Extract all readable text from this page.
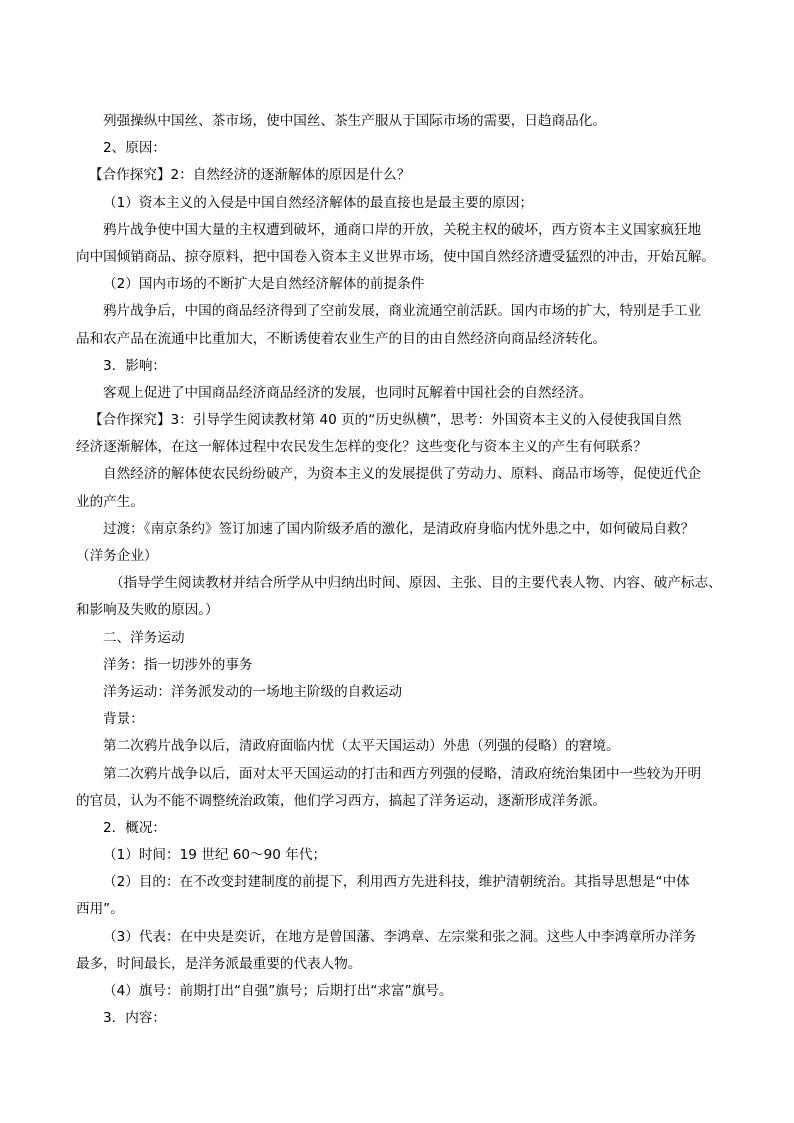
列强操纵中国丝、茶市场，使中国丝、茶生产服从于国际市场的需要，日趋商品化。
2、原因：
【合作探究】2：自然经济的逐渐解体的原因是什么？
（1）资本主义的入侵是中国自然经济解体的最直接也是最主要的原因；
鸦片战争使中国大量的主权遭到破坏，通商口岸的开放，关税主权的破坏，西方资本主义国家疯狂地
向中国倾销商品、掠夺原料，把中国卷入资本主义世界市场，使中国自然经济遭受猛烈的冲击，开始瓦解。
（2）国内市场的不断扩大是自然经济解体的前提条件
鸦片战争后，中国的商品经济得到了空前发展，商业流通空前活跃。国内市场的扩大，特别是手工业
品和农产品在流通中比重加大，不断诱使着农业生产的目的由自然经济向商品经济转化。
3．影响：
客观上促进了中国商品经济商品经济的发展，也同时瓦解着中国社会的自然经济。
【合作探究】3：引导学生阅读教材第 40 页的“历史纵横”，思考：外国资本主义的入侵使我国自然
经济逐渐解体，在这一解体过程中农民发生怎样的变化？这些变化与资本主义的产生有何联系？
自然经济的解体使农民纷纷破产，为资本主义的发展提供了劳动力、原料、商品市场等，促使近代企
业的产生。
过渡：《南京条约》签订加速了国内阶级矛盾的激化，是清政府身临内忧外患之中，如何破局自救？
（洋务企业）
（指导学生阅读教材并结合所学从中归纳出时间、原因、主张、目的主要代表人物、内容、破产标志、
和影响及失败的原因。）
二、洋务运动
洋务：指一切涉外的事务
洋务运动：洋务派发动的一场地主阶级的自救运动
背景：
第二次鸦片战争以后，清政府面临内忧（太平天国运动）外患（列强的侵略）的窘境。
第二次鸦片战争以后，面对太平天国运动的打击和西方列强的侵略，清政府统治集团中一些较为开明
的官员，认为不能不调整统治政策，他们学习西方，搞起了洋务运动，逐渐形成洋务派。
2．概况：
（1）时间：19 世纪 60～90 年代；
（2）目的：在不改变封建制度的前提下，利用西方先进科技，维护清朝统治。其指导思想是“中体
西用”。
（3）代表：在中央是奕䜣，在地方是曾国藩、李鸿章、左宗棠和张之洞。这些人中李鸿章所办洋务
最多，时间最长，是洋务派最重要的代表人物。
（4）旗号：前期打出“自强”旗号；后期打出“求富”旗号。
3．内容：
